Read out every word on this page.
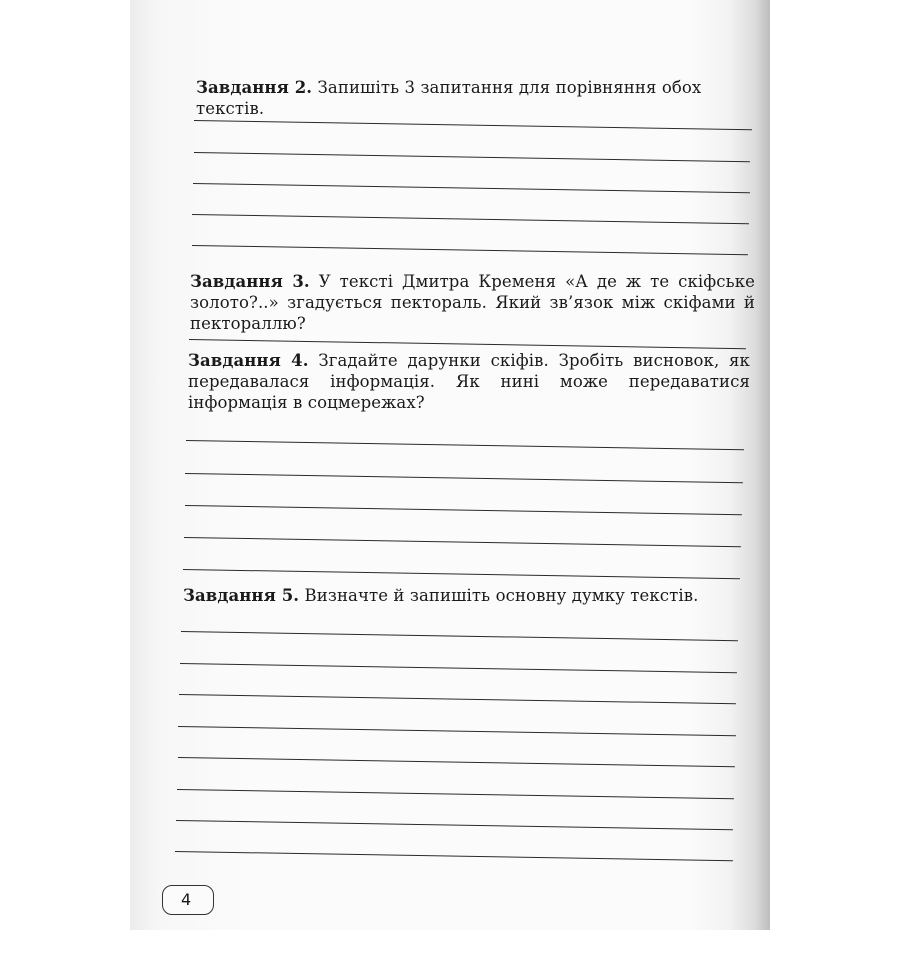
Завдання 2. Запишіть 3 запитання для порівняння обох текстів.
Завдання 3. У тексті Дмитра Кременя «А де ж те скіфське золото?..» згадується пектораль. Який зв’язок між скіфами й пектораллю?
Завдання 4. Згадайте дарунки скіфів. Зробіть висновок, як передавалася інформація. Як нині може передаватися інформація в соцмережах?
Завдання 5. Визначте й запишіть основну думку текстів.
4
